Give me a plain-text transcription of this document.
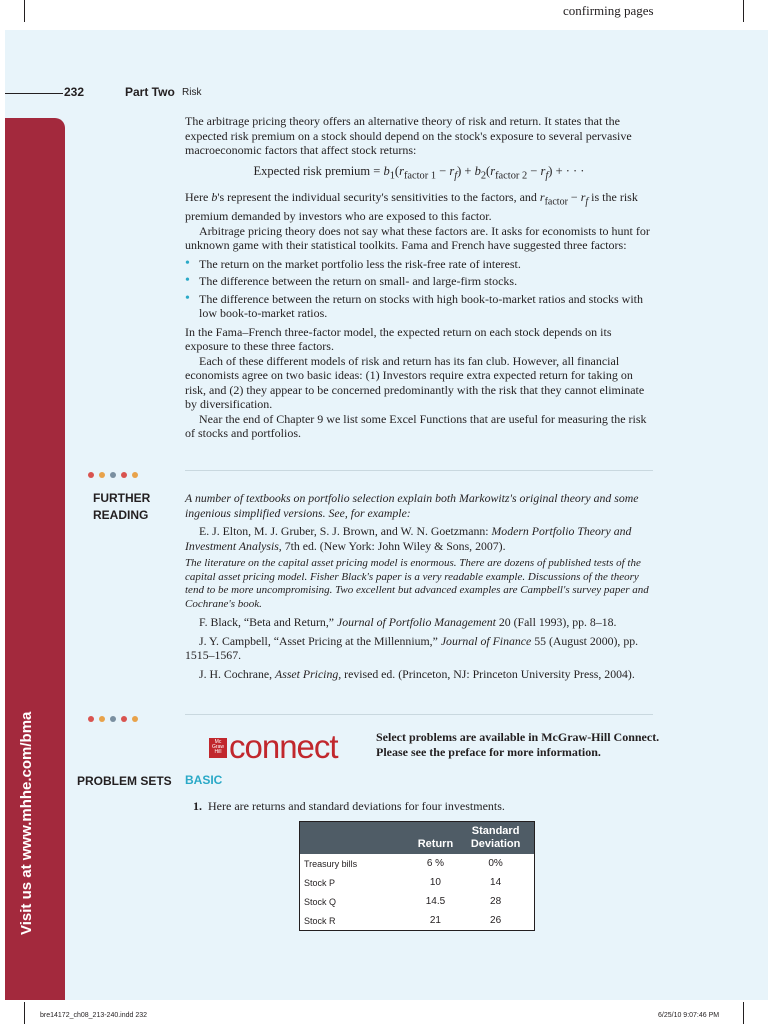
confirming pages
232	Part Two Risk
Visit us at www.mhhe.com/bma

The arbitrage pricing theory offers an alternative theory of risk and return. It states that the expected risk premium on a stock should depend on the stock's exposure to several pervasive macroeconomic factors that affect stock returns:

Expected risk premium = $b_1(r_{factor 1} - r_f) + b_2(r_{factor 2} - r_f)$ + · · ·

Here b's represent the individual security's sensitivities to the factors, and $r_{factor} - r_f$ is the risk premium demanded by investors who are exposed to this factor.

Arbitrage pricing theory does not say what these factors are. It asks for economists to hunt for unknown game with their statistical toolkits. Fama and French have suggested three factors:

• The return on the market portfolio less the risk-free rate of interest.
• The difference between the return on small- and large-firm stocks.
• The difference between the return on stocks with high book-to-market ratios and stocks with low book-to-market ratios.

In the Fama–French three-factor model, the expected return on each stock depends on its exposure to these three factors.

Each of these different models of risk and return has its fan club. However, all financial economists agree on two basic ideas: (1) Investors require extra expected return for taking on risk, and (2) they appear to be concerned predominantly with the risk that they cannot eliminate by diversification.

Near the end of Chapter 9 we list some Excel Functions that are useful for measuring the risk of stocks and portfolios.

FURTHER
READING

A number of textbooks on portfolio selection explain both Markowitz's original theory and some ingenious simplified versions. See, for example:

E. J. Elton, M. J. Gruber, S. J. Brown, and W. N. Goetzmann: Modern Portfolio Theory and Investment Analysis, 7th ed. (New York: John Wiley & Sons, 2007).

The literature on the capital asset pricing model is enormous. There are dozens of published tests of the capital asset pricing model. Fisher Black's paper is a very readable example. Discussions of the theory tend to be more uncompromising. Two excellent but advanced examples are Campbell's survey paper and Cochrane's book.

F. Black, “Beta and Return,” Journal of Portfolio Management 20 (Fall 1993), pp. 8–18.

J. Y. Campbell, “Asset Pricing at the Millennium,” Journal of Finance 55 (August 2000), pp. 1515–1567.

J. H. Cochrane, Asset Pricing, revised ed. (Princeton, NJ: Princeton University Press, 2004).

Mc Graw Hill connect	Select problems are available in McGraw-Hill Connect.
Please see the preface for more information.
PROBLEM SETS BASIC
1. Here are returns and standard deviations for four investments.
	Return	Standard Deviation
Treasury bills	6 %	0%
Stock P	10	14
Stock Q	14.5	28
Stock R	21	26
bre14172_ch08_213-240.indd 232	6/25/10 9:07:46 PM
